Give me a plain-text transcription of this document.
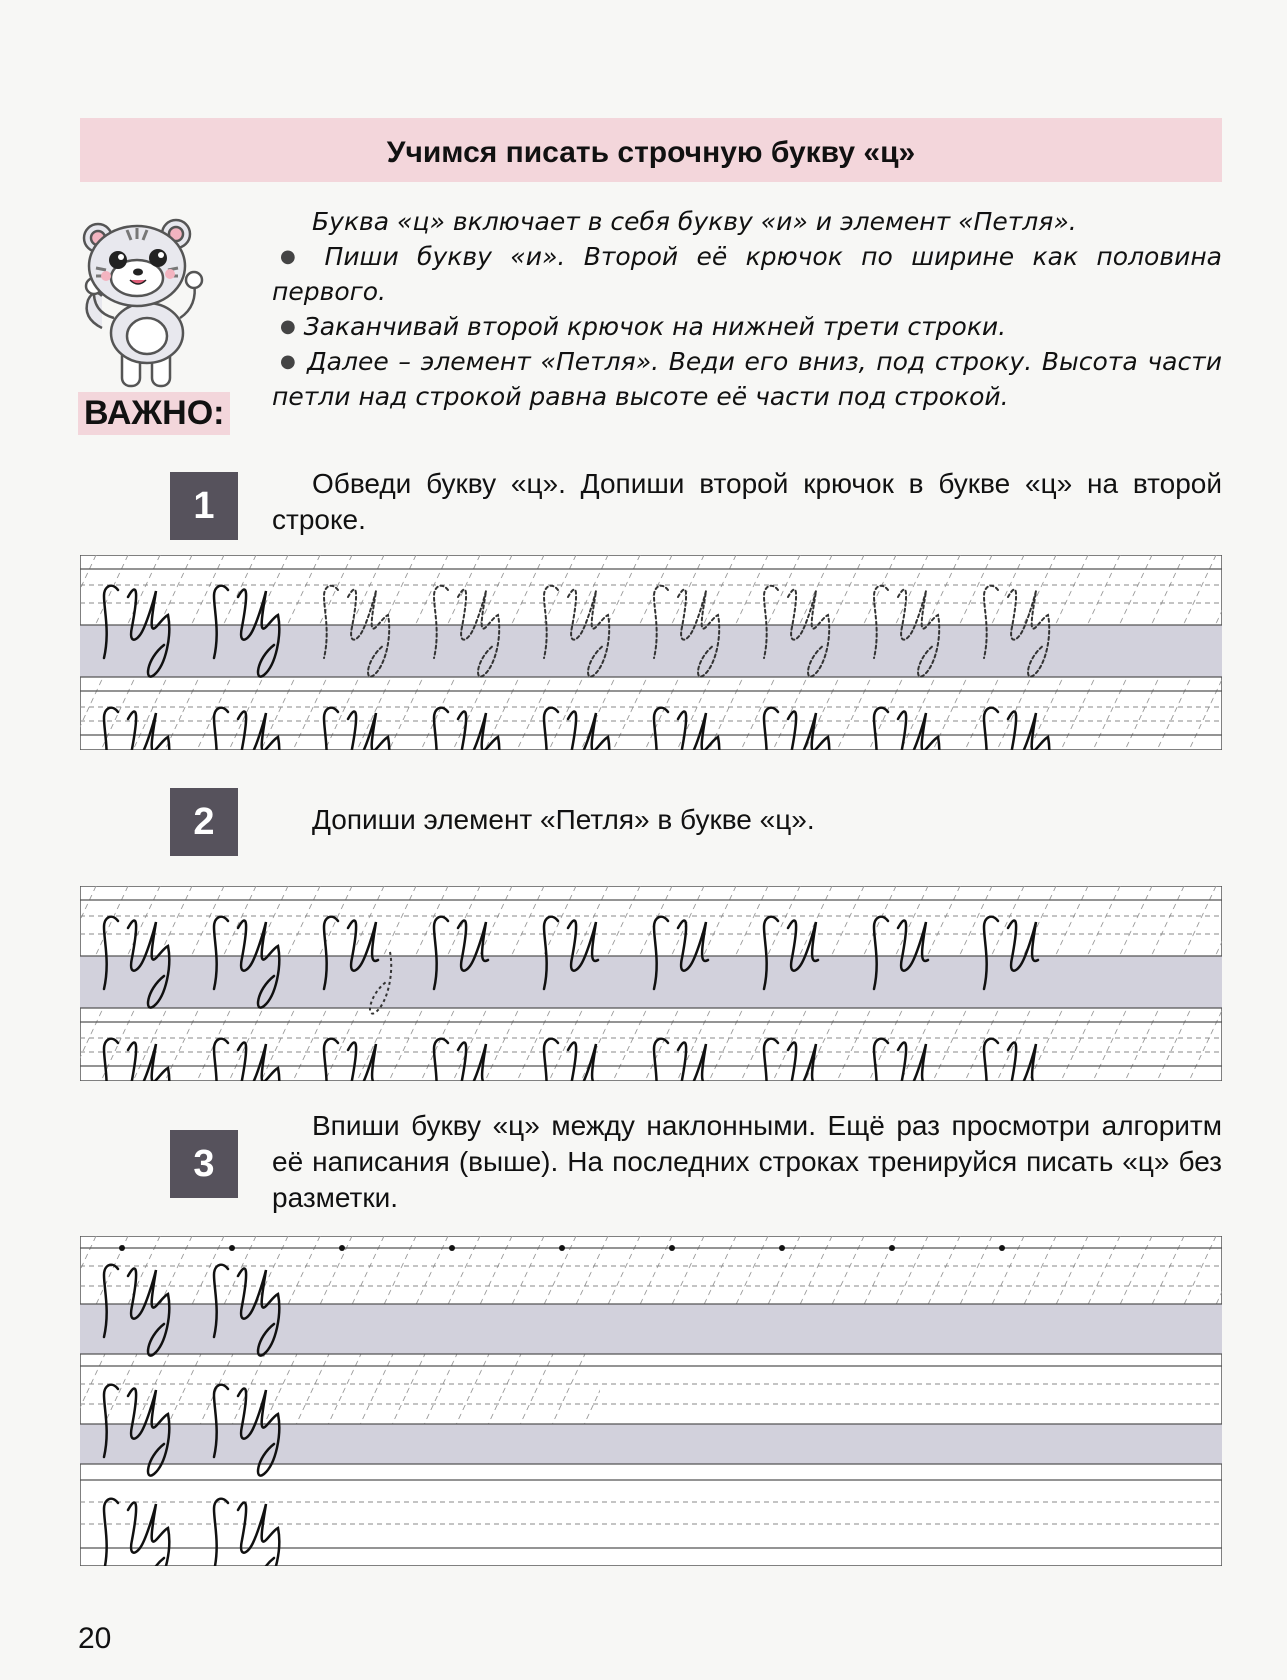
Учимся писать строчную букву «ц»
ВАЖНО:

Буква «ц» включает в себя букву «и» и элемент «Петля».

● Пиши букву «и». Второй её крючок по ширине как половина первого.

● Заканчивай второй крючок на нижней трети строки.

● Далее – элемент «Петля». Веди его вниз, под строку. Высота части петли над строкой равна высоте её части под строкой.

1
Обведи букву «ц». Допиши второй крючок в букве «ц» на второй строке.
2	Допиши элемент «Петля» в букве «ц».
3
Впиши букву «ц» между наклонными. Ещё раз просмотри алгоритм её написания (выше). На последних строках тренируйся писать «ц» без разметки.
20
